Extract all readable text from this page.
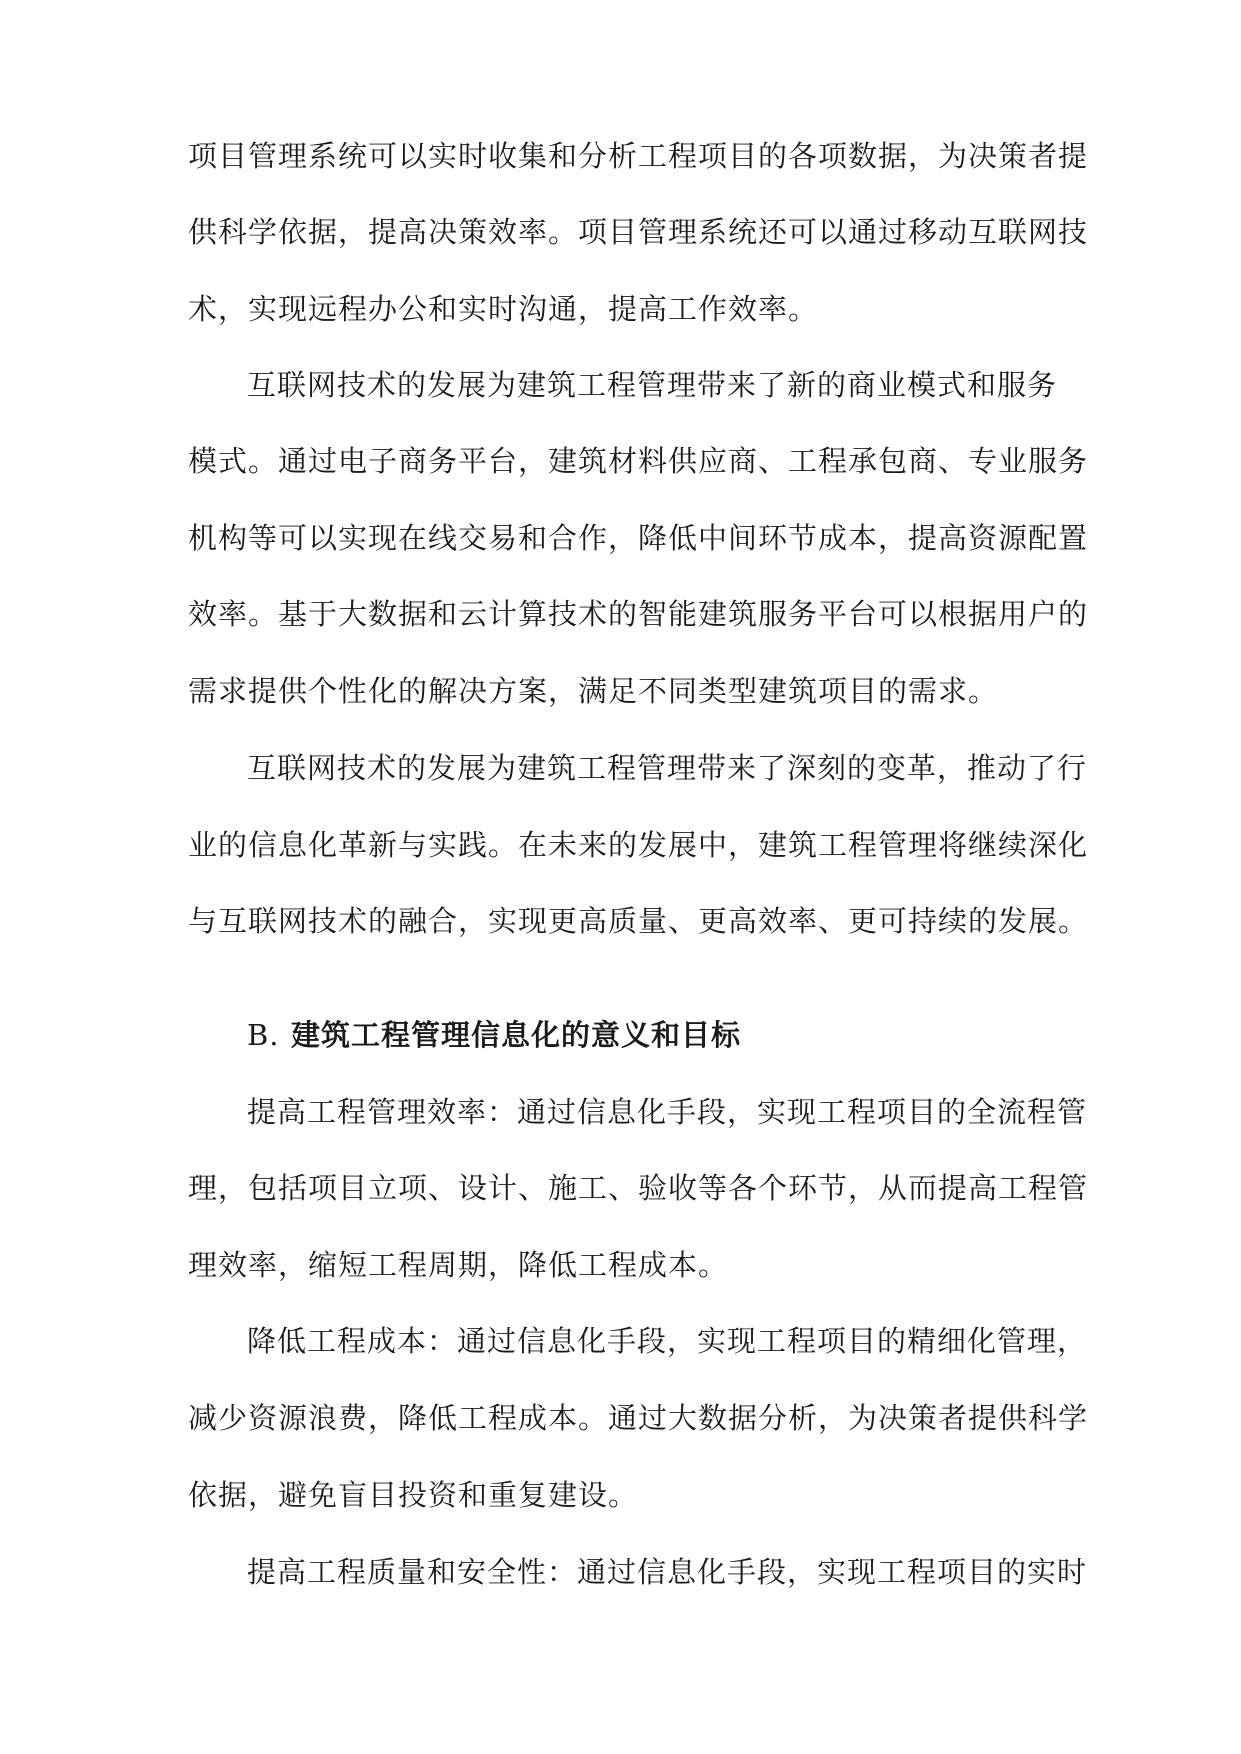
项目管理系统可以实时收集和分析工程项目的各项数据，为决策者提
供科学依据，提高决策效率。项目管理系统还可以通过移动互联网技
术，实现远程办公和实时沟通，提高工作效率。
互联网技术的发展为建筑工程管理带来了新的商业模式和服务
模式。通过电子商务平台，建筑材料供应商、工程承包商、专业服务
机构等可以实现在线交易和合作，降低中间环节成本，提高资源配置
效率。基于大数据和云计算技术的智能建筑服务平台可以根据用户的
需求提供个性化的解决方案，满足不同类型建筑项目的需求。
互联网技术的发展为建筑工程管理带来了深刻的变革，推动了行
业的信息化革新与实践。在未来的发展中，建筑工程管理将继续深化
与互联网技术的融合，实现更高质量、更高效率、更可持续的发展。
B. 建筑工程管理信息化的意义和目标
提高工程管理效率：通过信息化手段，实现工程项目的全流程管
理，包括项目立项、设计、施工、验收等各个环节，从而提高工程管
理效率，缩短工程周期，降低工程成本。
降低工程成本：通过信息化手段，实现工程项目的精细化管理，
减少资源浪费，降低工程成本。通过大数据分析，为决策者提供科学
依据，避免盲目投资和重复建设。
提高工程质量和安全性：通过信息化手段，实现工程项目的实时
